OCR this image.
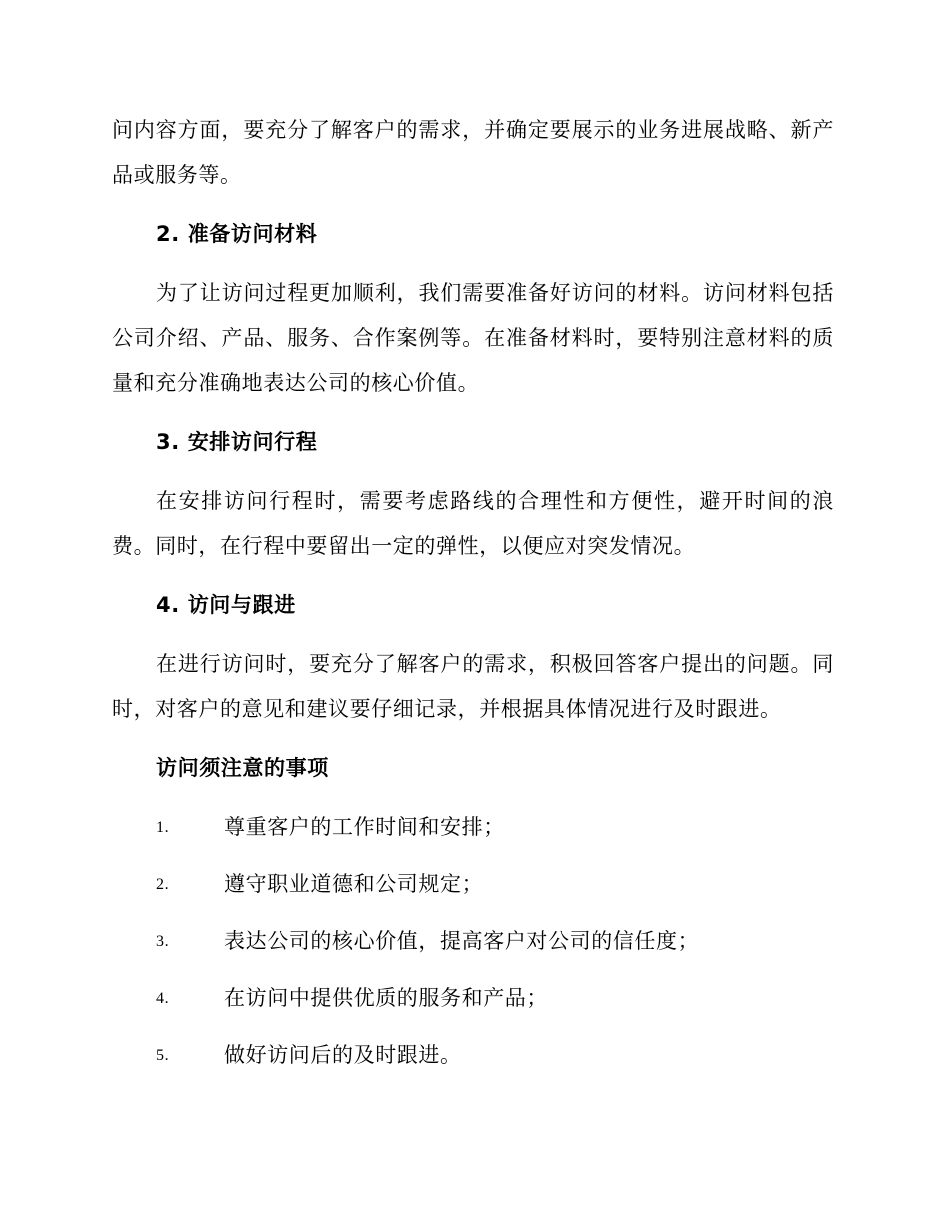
问内容方面，要充分了解客户的需求，并确定要展示的业务进展战略、新产品或服务等。

2. 准备访问材料

为了让访问过程更加顺利，我们需要准备好访问的材料。访问材料包括公司介绍、产品、服务、合作案例等。在准备材料时，要特别注意材料的质量和充分准确地表达公司的核心价值。

3. 安排访问行程

在安排访问行程时，需要考虑路线的合理性和方便性，避开时间的浪费。同时，在行程中要留出一定的弹性，以便应对突发情况。

4. 访问与跟进

在进行访问时，要充分了解客户的需求，积极回答客户提出的问题。同时，对客户的意见和建议要仔细记录，并根据具体情况进行及时跟进。

访问须注意的事项
1.	尊重客户的工作时间和安排；
2.	遵守职业道德和公司规定；
3.	表达公司的核心价值，提高客户对公司的信任度；
4.	在访问中提供优质的服务和产品；
5.	做好访问后的及时跟进。
